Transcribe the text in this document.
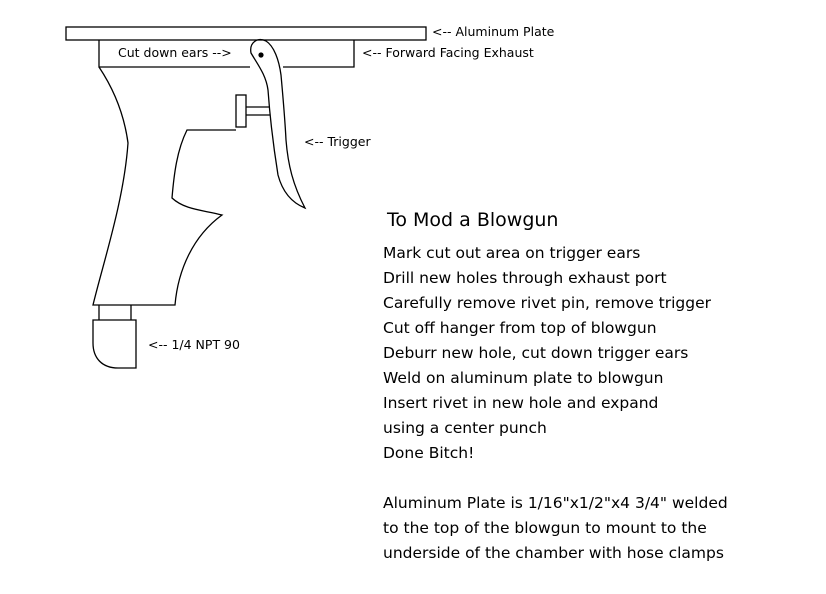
<-- Aluminum Plate
Cut down ears -->	<-- Forward Facing Exhaust
<-- Trigger
<-- 1/4 NPT 90
To Mod a Blowgun
Mark cut out area on trigger ears
Drill new holes through exhaust port
Carefully remove rivet pin, remove trigger
Cut off hanger from top of blowgun
Deburr new hole, cut down trigger ears
Weld on aluminum plate to blowgun
Insert rivet in new hole and expand
using a center punch
Done Bitch!
Aluminum Plate is 1/16"x1/2"x4 3/4" welded
to the top of the blowgun to mount to the
underside of the chamber with hose clamps
